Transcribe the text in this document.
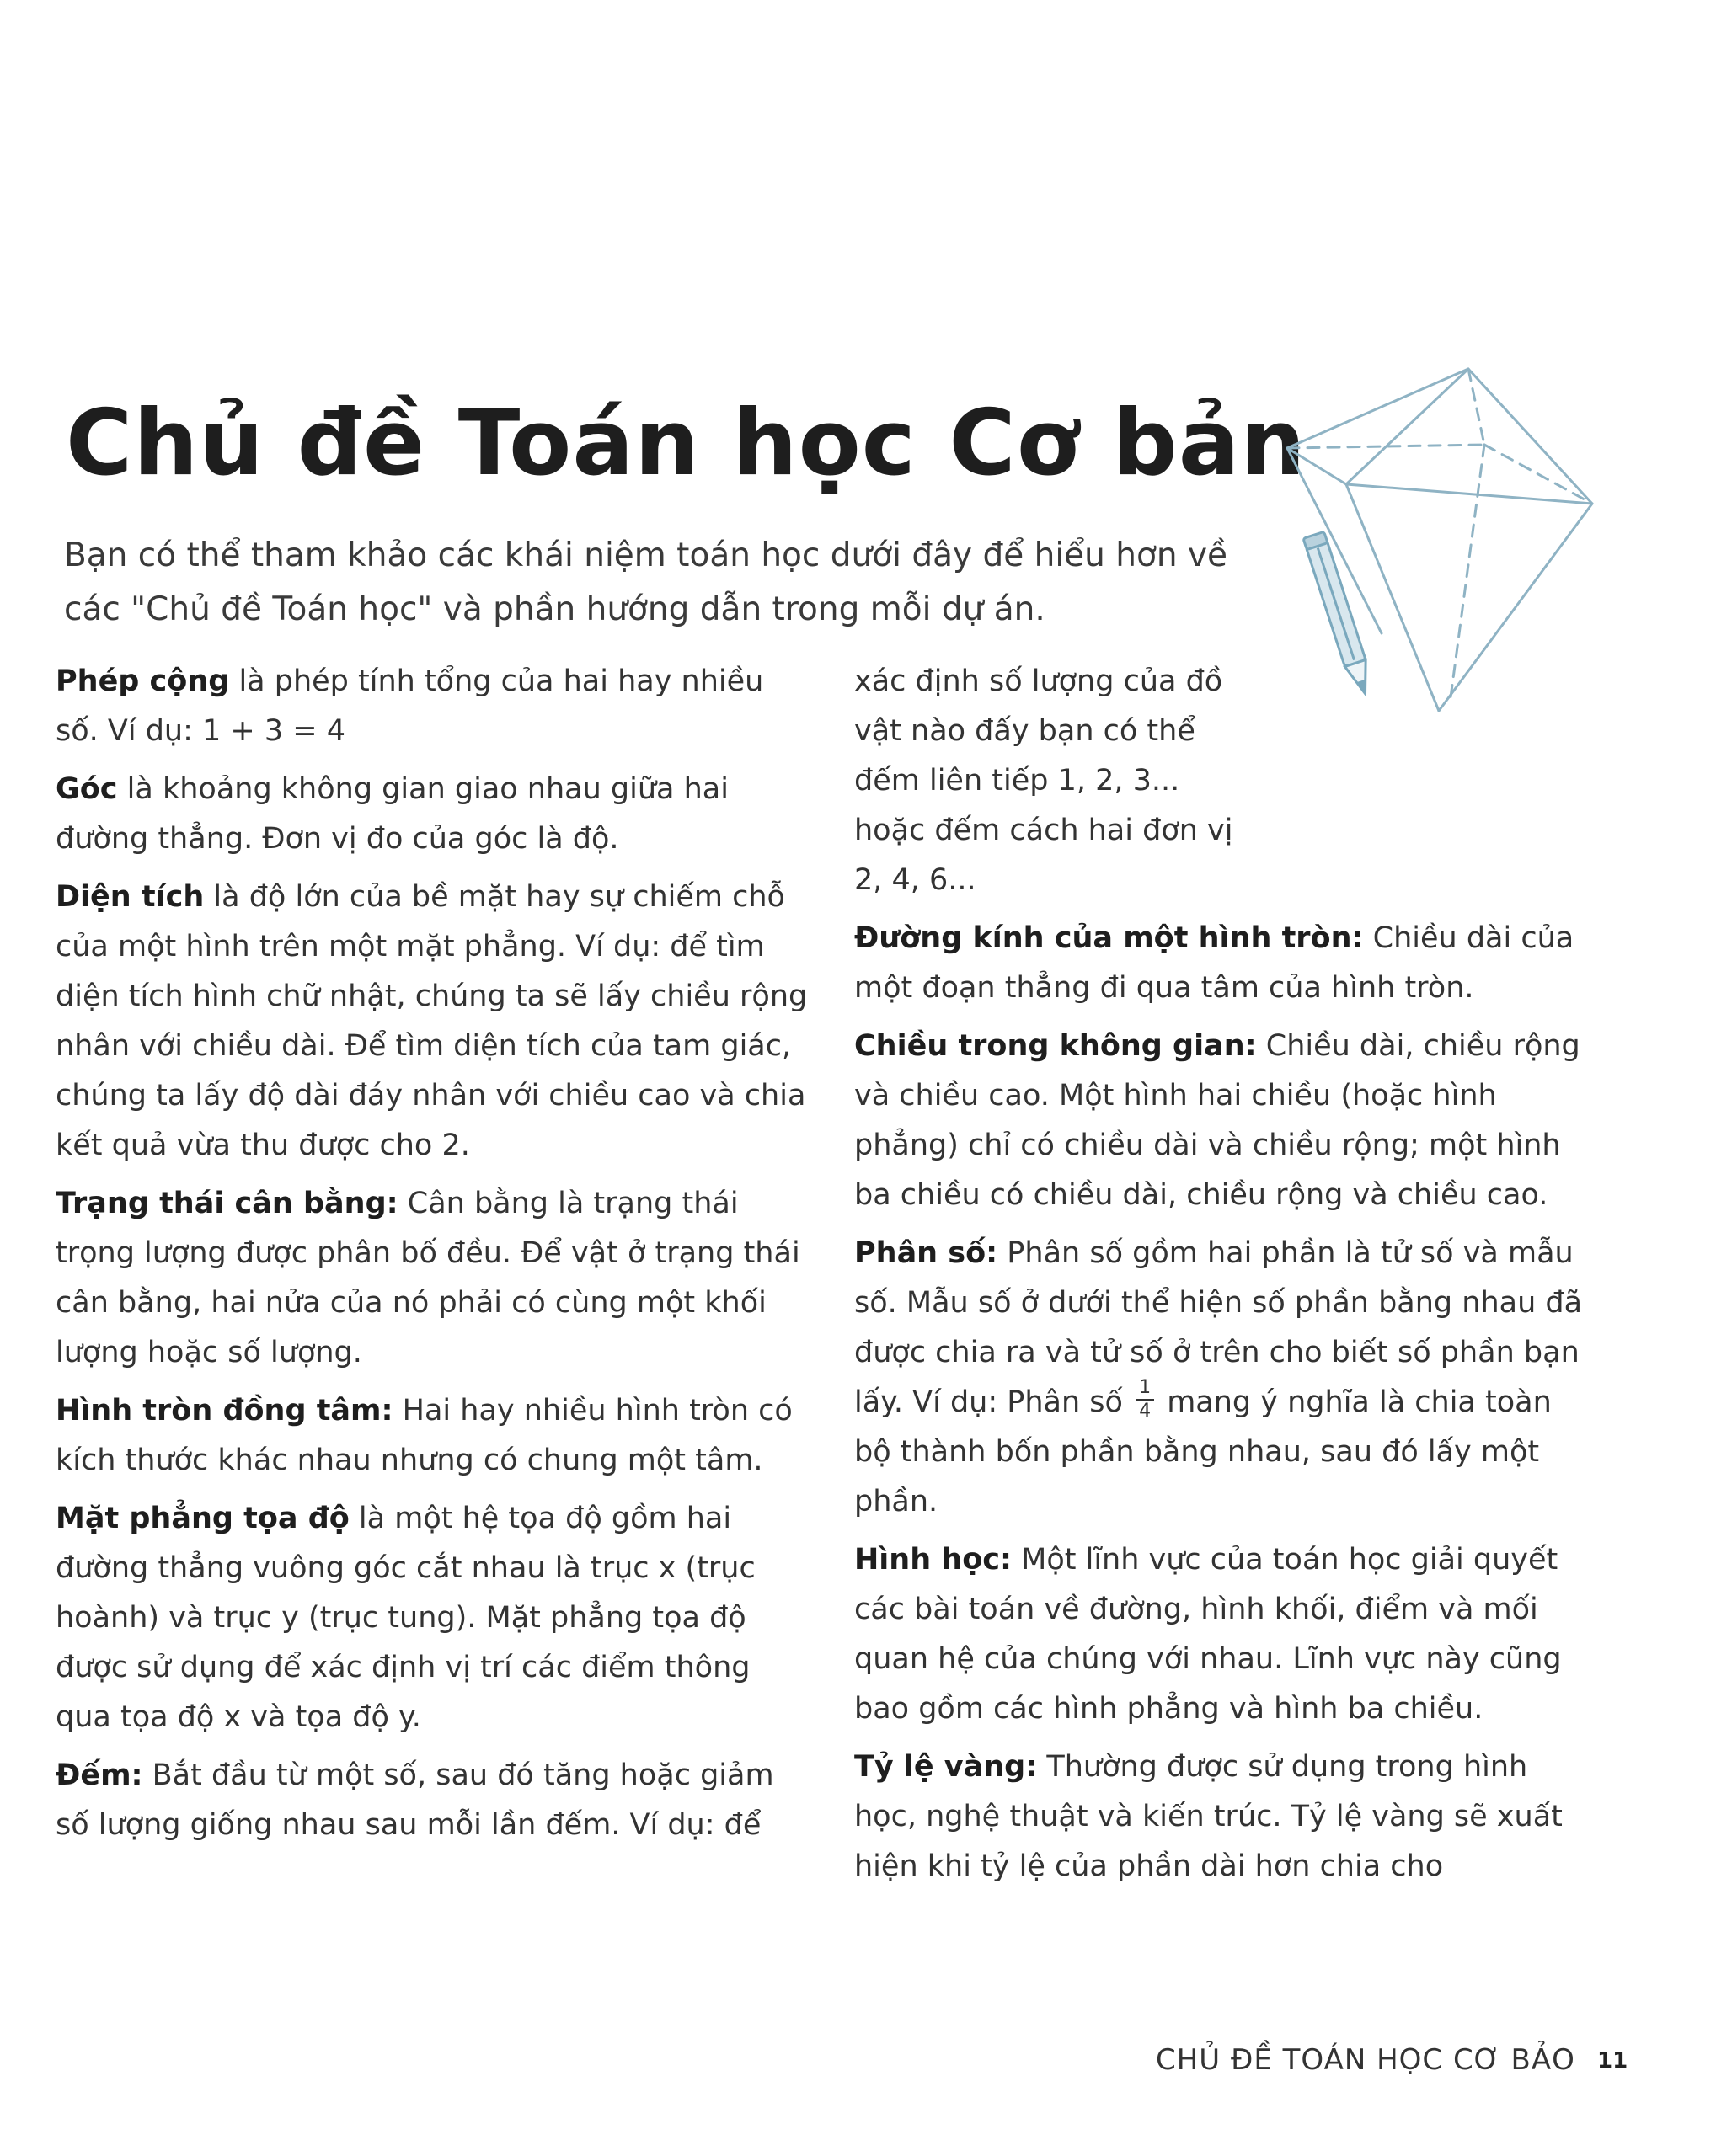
Chủ đề Toán học Cơ bản

Bạn có thể tham khảo các khái niệm toán học dưới đây để hiểu hơn về các "Chủ đề Toán học" và phần hướng dẫn trong mỗi dự án.

Phép cộng là phép tính tổng của hai hay nhiều số. Ví dụ: 1 + 3 = 4

Góc là khoảng không gian giao nhau giữa hai đường thẳng. Đơn vị đo của góc là độ.

Diện tích là độ lớn của bề mặt hay sự chiếm chỗ của một hình trên một mặt phẳng. Ví dụ: để tìm diện tích hình chữ nhật, chúng ta sẽ lấy chiều rộng nhân với chiều dài. Để tìm diện tích của tam giác, chúng ta lấy độ dài đáy nhân với chiều cao và chia kết quả vừa thu được cho 2.

Trạng thái cân bằng: Cân bằng là trạng thái trọng lượng được phân bố đều. Để vật ở trạng thái cân bằng, hai nửa của nó phải có cùng một khối lượng hoặc số lượng.

Hình tròn đồng tâm: Hai hay nhiều hình tròn có kích thước khác nhau nhưng có chung một tâm.

Mặt phẳng tọa độ là một hệ tọa độ gồm hai đường thẳng vuông góc cắt nhau là trục x (trục hoành) và trục y (trục tung). Mặt phẳng tọa độ được sử dụng để xác định vị trí các điểm thông qua tọa độ x và tọa độ y.

Đếm: Bắt đầu từ một số, sau đó tăng hoặc giảm số lượng giống nhau sau mỗi lần đếm. Ví dụ: để

xác định số lượng của đồ vật nào đấy bạn có thể đếm liên tiếp 1, 2, 3... hoặc đếm cách hai đơn vị 2, 4, 6...

Đường kính của một hình tròn: Chiều dài của một đoạn thẳng đi qua tâm của hình tròn.

Chiều trong không gian: Chiều dài, chiều rộng và chiều cao. Một hình hai chiều (hoặc hình phẳng) chỉ có chiều dài và chiều rộng; một hình ba chiều có chiều dài, chiều rộng và chiều cao.

Phân số: Phân số gồm hai phần là tử số và mẫu số. Mẫu số ở dưới thể hiện số phần bằng nhau đã được chia ra và tử số ở trên cho biết số phần bạn lấy. Ví dụ: Phân số $\frac{1}{4}$ mang ý nghĩa là chia toàn bộ thành bốn phần bằng nhau, sau đó lấy một phần.

Hình học: Một lĩnh vực của toán học giải quyết các bài toán về đường, hình khối, điểm và mối quan hệ của chúng với nhau. Lĩnh vực này cũng bao gồm các hình phẳng và hình ba chiều.

Tỷ lệ vàng: Thường được sử dụng trong hình học, nghệ thuật và kiến trúc. Tỷ lệ vàng sẽ xuất hiện khi tỷ lệ của phần dài hơn chia cho

CHỦ ĐỀ TOÁN HỌC CƠ BẢO 11
